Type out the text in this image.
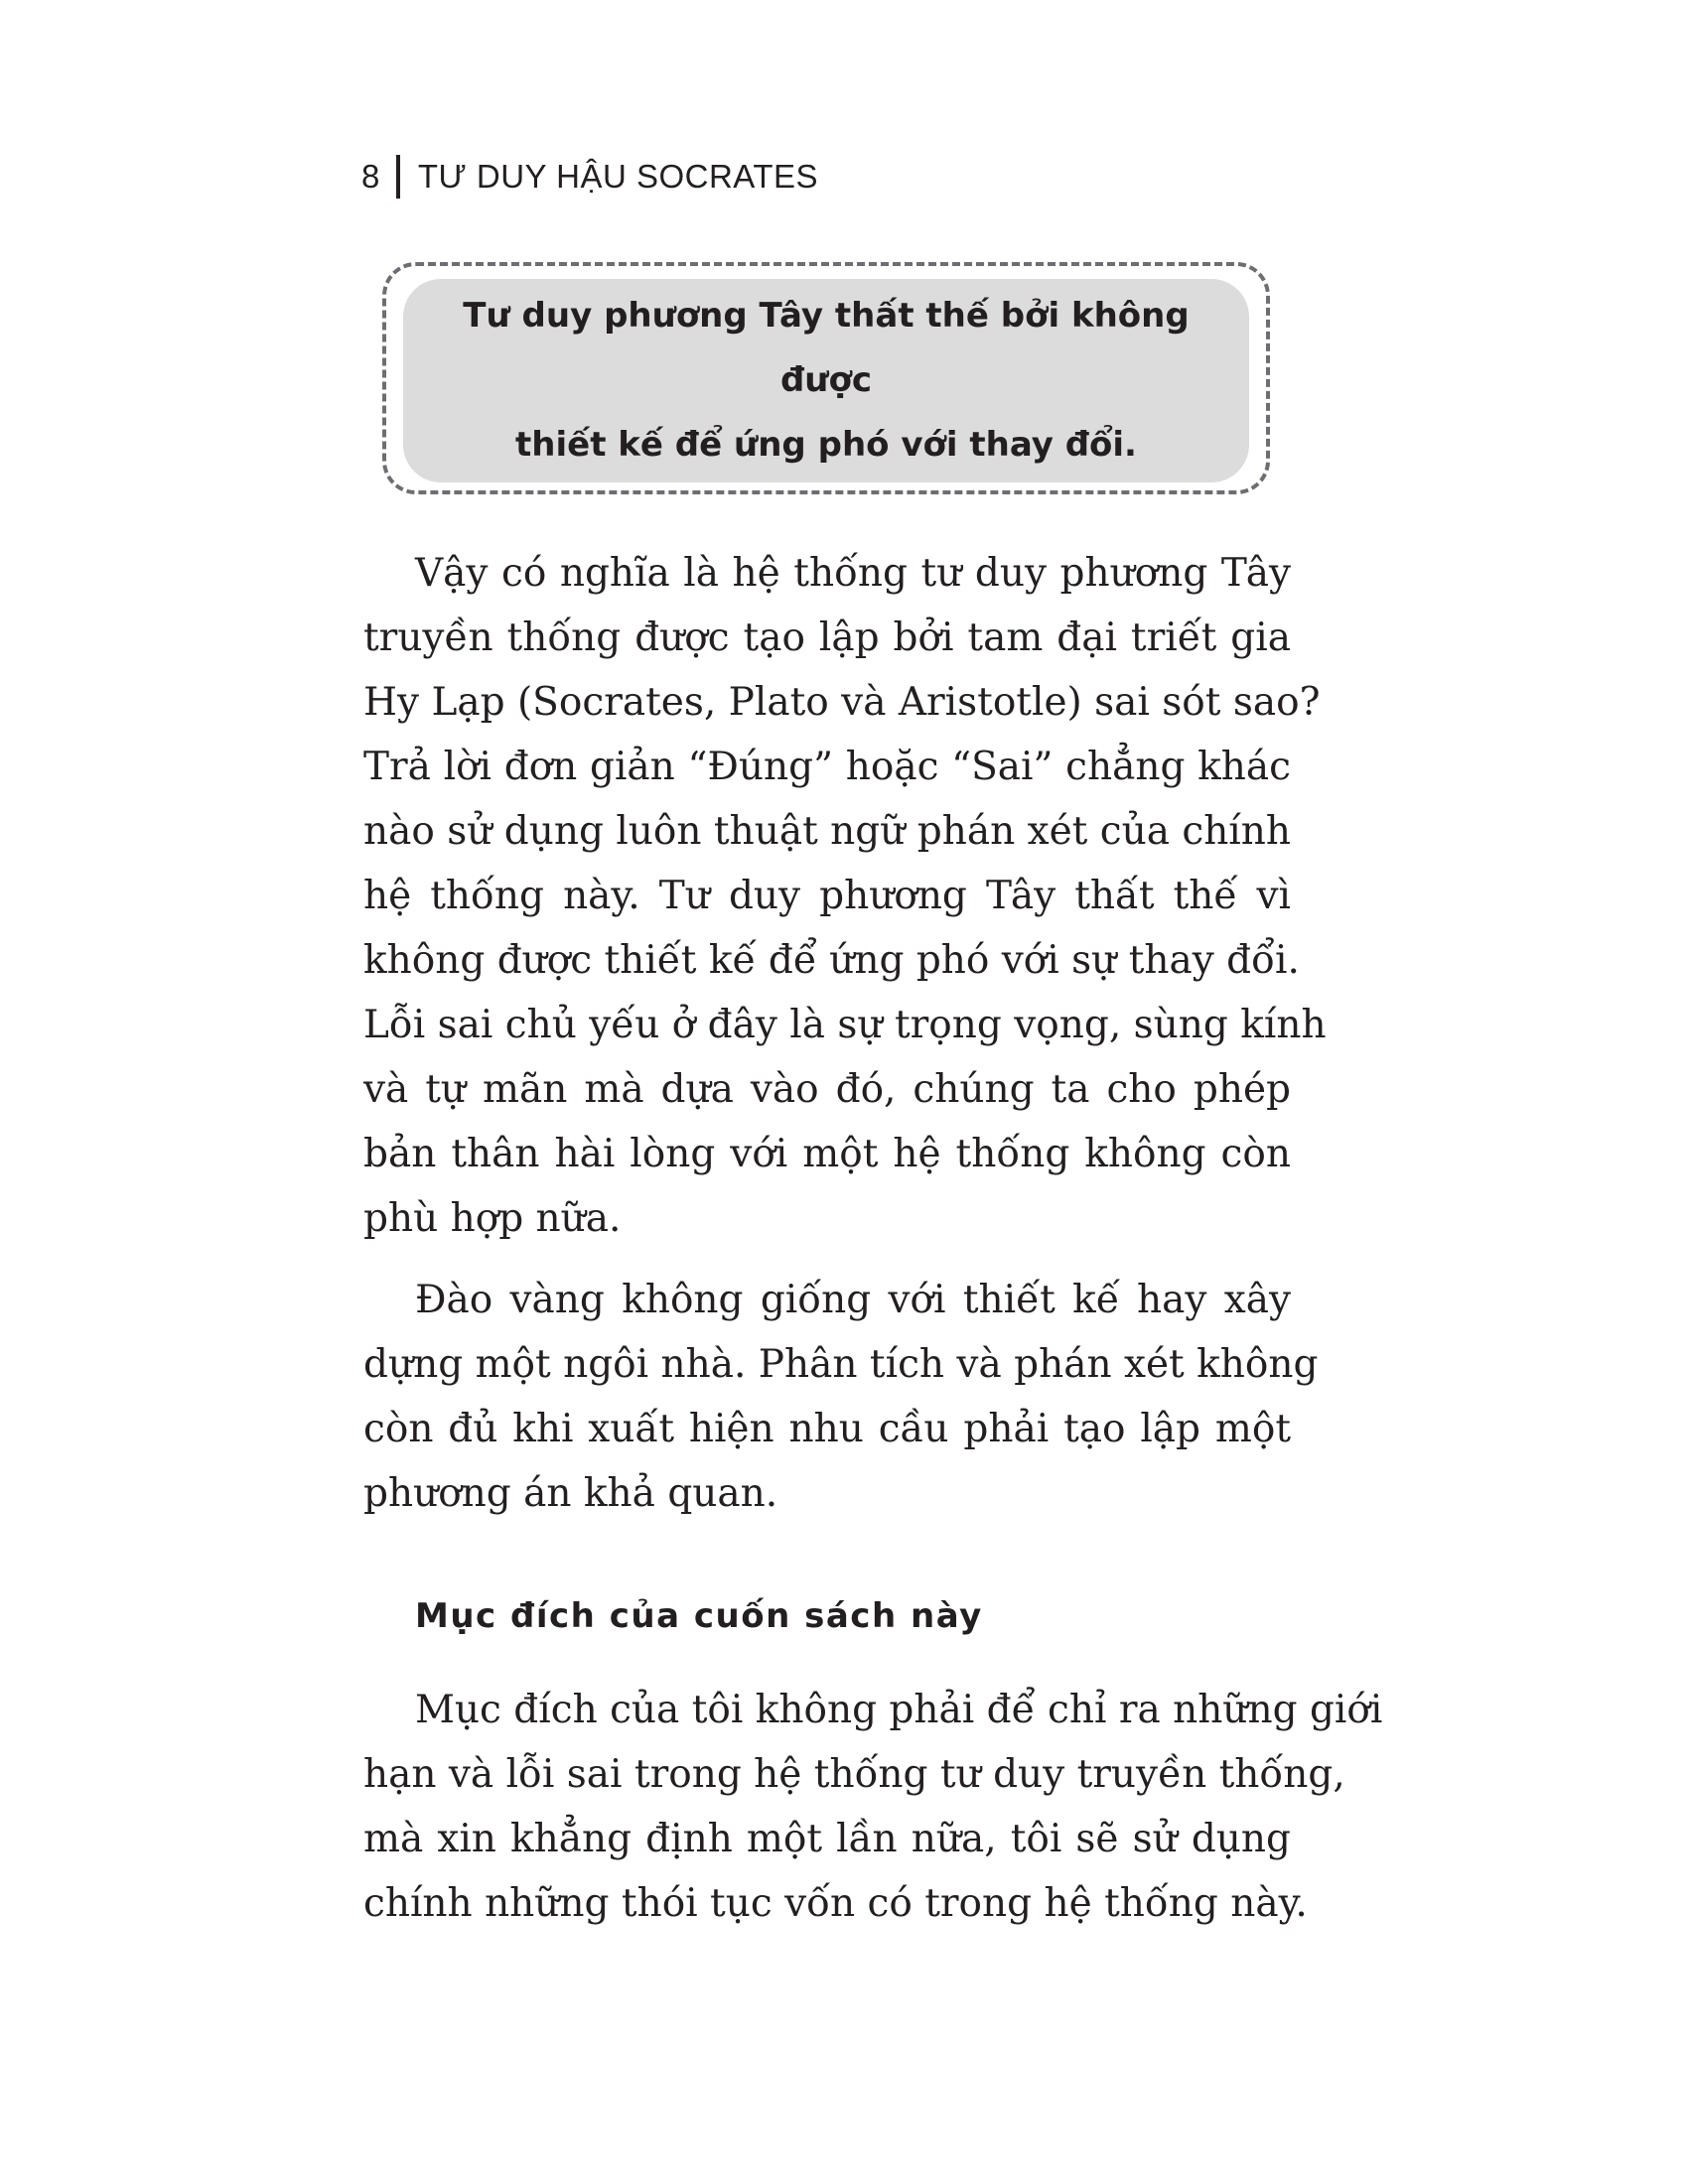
8 TƯ DUY HẬU SOCRATES

Tư duy phương Tây thất thế bởi không được
thiết kế để ứng phó với thay đổi.

Vậy có nghĩa là hệ thống tư duy phương Tây
truyền thống được tạo lập bởi tam đại triết gia
Hy Lạp (Socrates, Plato và Aristotle) sai sót sao?
Trả lời đơn giản “Đúng” hoặc “Sai” chẳng khác
nào sử dụng luôn thuật ngữ phán xét của chính
hệ thống này. Tư duy phương Tây thất thế vì
không được thiết kế để ứng phó với sự thay đổi.
Lỗi sai chủ yếu ở đây là sự trọng vọng, sùng kính
và tự mãn mà dựa vào đó, chúng ta cho phép
bản thân hài lòng với một hệ thống không còn
phù hợp nữa.
Đào vàng không giống với thiết kế hay xây
dựng một ngôi nhà. Phân tích và phán xét không
còn đủ khi xuất hiện nhu cầu phải tạo lập một
phương án khả quan.
Mục đích của cuốn sách này
Mục đích của tôi không phải để chỉ ra những giới
hạn và lỗi sai trong hệ thống tư duy truyền thống,
mà xin khẳng định một lần nữa, tôi sẽ sử dụng
chính những thói tục vốn có trong hệ thống này.
